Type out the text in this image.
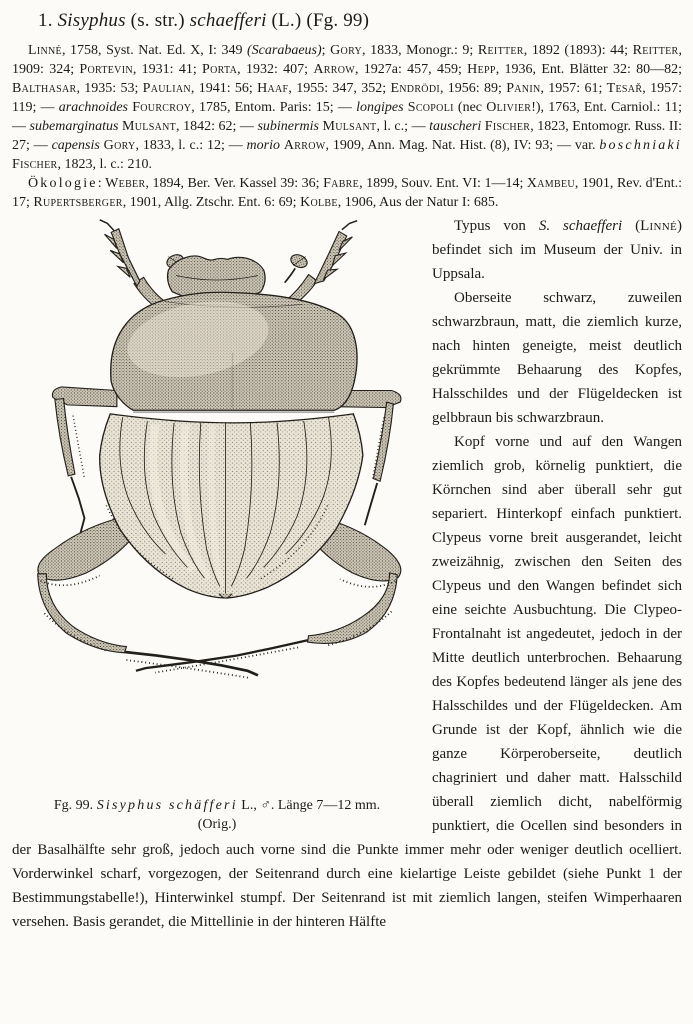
1. Sisyphus (s. str.) schaefferi (L.) (Fg. 99)

Linné, 1758, Syst. Nat. Ed. X, I: 349 (Scarabaeus); Gory, 1833, Monogr.: 9; Reitter, 1892 (1893): 44; Reitter, 1909: 324; Portevin, 1931: 41; Porta, 1932: 407; Arrow, 1927a: 457, 459; Hepp, 1936, Ent. Blätter 32: 80—82; Balthasar, 1935: 53; Paulian, 1941: 56; Haaf, 1955: 347, 352; Endrödi, 1956: 89; Panin, 1957: 61; Tesař, 1957: 119; — arachnoides Fourcroy, 1785, Entom. Paris: 15; — longipes Scopoli (nec Olivier!), 1763, Ent. Carniol.: 11; — subemarginatus Mulsant, 1842: 62; — subinermis Mulsant, l. c.; — tauscheri Fischer, 1823, Entomogr. Russ. II: 27; — capensis Gory, 1833, l. c.: 12; — morio Arrow, 1909, Ann. Mag. Nat. Hist. (8), IV: 93; — var. boschniaki Fischer, 1823, l. c.: 210.

Ökologie: Weber, 1894, Ber. Ver. Kassel 39: 36; Fabre, 1899, Souv. Ent. VI: 1—14; Xambeu, 1901, Rev. d'Ent.: 17; Rupertsberger, 1901, Allg. Ztschr. Ent. 6: 69; Kolbe, 1906, Aus der Natur I: 685.

Fg. 99. Sisyphus schäfferi L., ♂. Länge 7—12 mm.
(Orig.)

Typus von S. schaefferi (Linné) befindet sich im Museum der Univ. in Uppsala.

Oberseite schwarz, zuweilen schwarzbraun, matt, die ziemlich kurze, nach hinten geneigte, meist deutlich gekrümmte Behaarung des Kopfes, Halsschildes und der Flügeldecken ist gelbbraun bis schwarzbraun.

Kopf vorne und auf den Wangen ziemlich grob, körnelig punktiert, die Körnchen sind aber überall sehr gut separiert. Hinterkopf einfach punktiert. Clypeus vorne breit ausgerandet, leicht zweizähnig, zwischen den Seiten des Clypeus und den Wangen befindet sich eine seichte Ausbuchtung. Die Clypeo-Frontalnaht ist angedeutet, jedoch in der Mitte deutlich unterbrochen. Behaarung des Kopfes bedeutend länger als jene des Halsschildes und der Flügeldecken. Am Grunde ist der Kopf, ähnlich wie die ganze Körperoberseite, deutlich chagriniert und daher matt. Halsschild überall ziemlich dicht, nabelförmig punktiert, die Ocellen sind besonders in der Basalhälfte sehr groß, jedoch auch vorne sind die Punkte immer mehr oder weniger deutlich ocelliert. Vorderwinkel scharf, vorgezogen, der Seitenrand durch eine kielartige Leiste gebildet (siehe Punkt 1 der Bestimmungstabelle!), Hinterwinkel stumpf. Der Seitenrand ist mit ziemlich langen, steifen Wimperhaaren versehen. Basis gerandet, die Mittellinie in der hinteren Hälfte
